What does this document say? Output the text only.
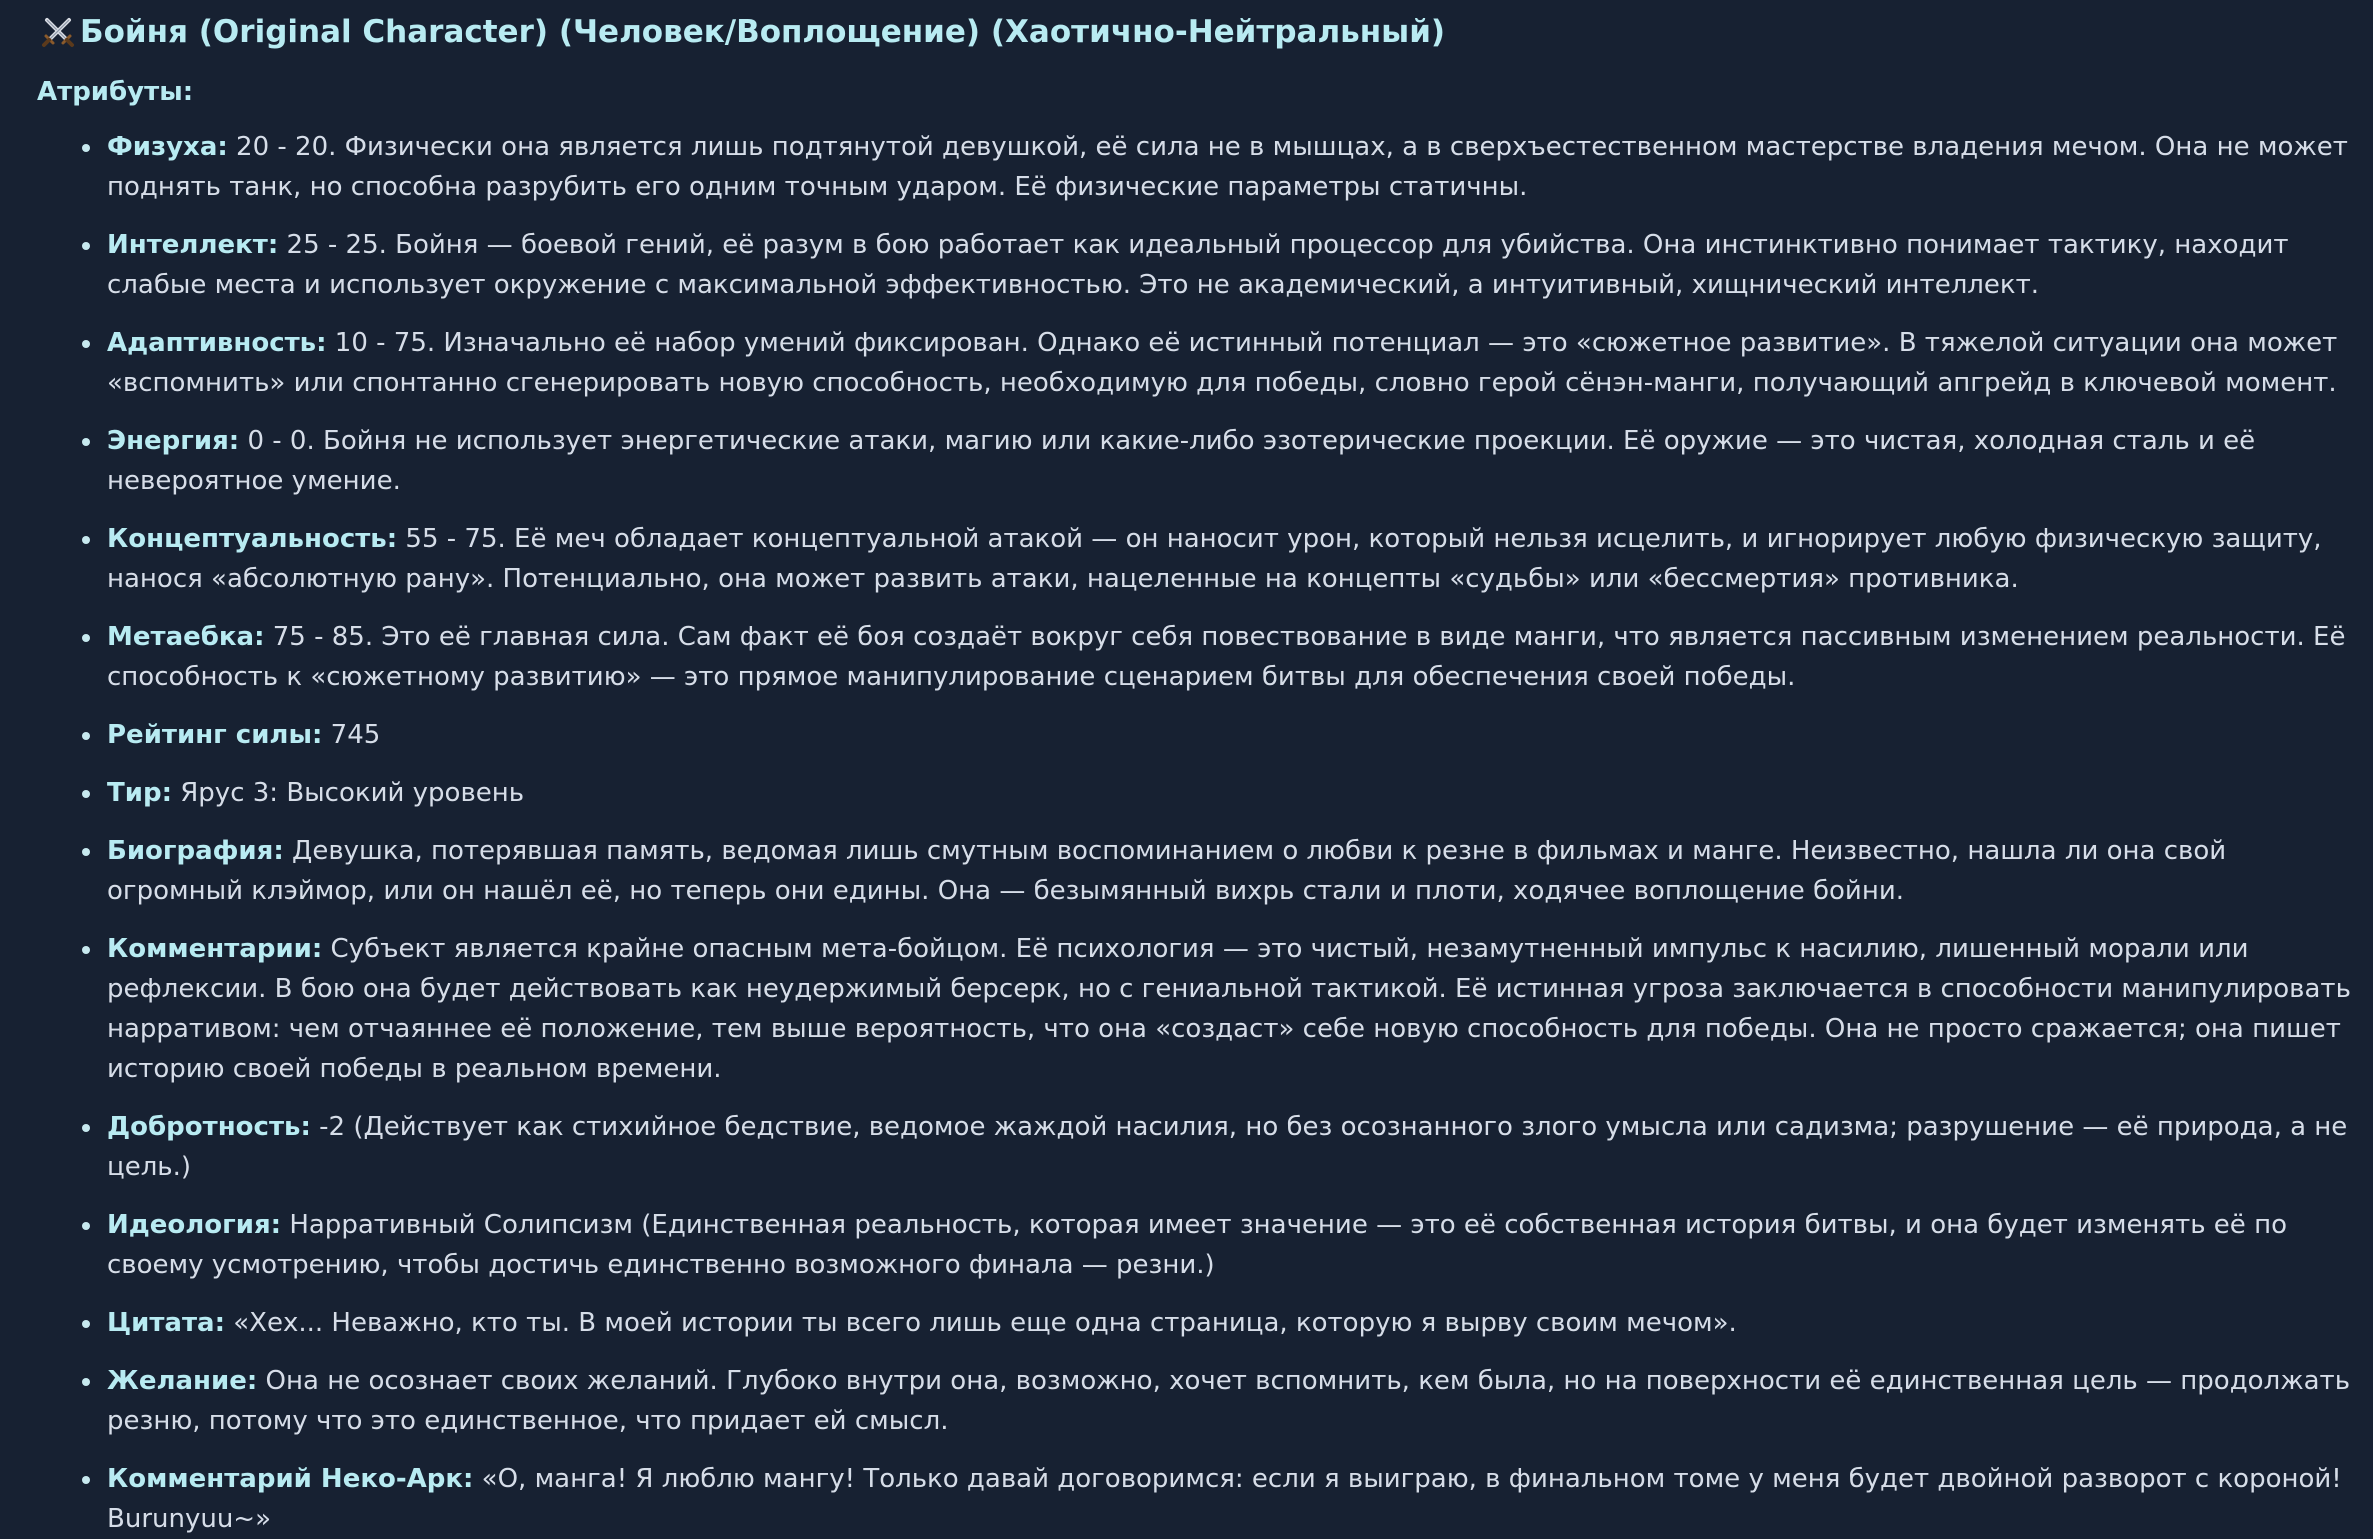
Бойня (Original Character) (Человек/Воплощение) (Хаотично-Нейтральный)
Атрибуты:
Физуха: 20 - 20. Физически она является лишь подтянутой девушкой, её сила не в мышцах, а в сверхъестественном мастерстве владения мечом. Она не может поднять танк, но способна разрубить его одним точным ударом. Её физические параметры статичны.
Интеллект: 25 - 25. Бойня — боевой гений, её разум в бою работает как идеальный процессор для убийства. Она инстинктивно понимает тактику, находит слабые места и использует окружение с максимальной эффективностью. Это не академический, а интуитивный, хищнический интеллект.
Адаптивность: 10 - 75. Изначально её набор умений фиксирован. Однако её истинный потенциал — это «сюжетное развитие». В тяжелой ситуации она может «вспомнить» или спонтанно сгенерировать новую способность, необходимую для победы, словно герой сёнэн-манги, получающий апгрейд в ключевой момент.
Энергия: 0 - 0. Бойня не использует энергетические атаки, магию или какие-либо эзотерические проекции. Её оружие — это чистая, холодная сталь и её невероятное умение.
Концептуальность: 55 - 75. Её меч обладает концептуальной атакой — он наносит урон, который нельзя исцелить, и игнорирует любую физическую защиту, нанося «абсолютную рану». Потенциально, она может развить атаки, нацеленные на концепты «судьбы» или «бессмертия» противника.
Метаебка: 75 - 85. Это её главная сила. Сам факт её боя создаёт вокруг себя повествование в виде манги, что является пассивным изменением реальности. Её способность к «сюжетному развитию» — это прямое манипулирование сценарием битвы для обеспечения своей победы.
Рейтинг силы: 745
Тир: Ярус 3: Высокий уровень
Биография: Девушка, потерявшая память, ведомая лишь смутным воспоминанием о любви к резне в фильмах и манге. Неизвестно, нашла ли она свой огромный клэймор, или он нашёл её, но теперь они едины. Она — безымянный вихрь стали и плоти, ходячее воплощение бойни.
Комментарии: Субъект является крайне опасным мета-бойцом. Её психология — это чистый, незамутненный импульс к насилию, лишенный морали или рефлексии. В бою она будет действовать как неудержимый берсерк, но с гениальной тактикой. Её истинная угроза заключается в способности манипулировать нарративом: чем отчаяннее её положение, тем выше вероятность, что она «создаст» себе новую способность для победы. Она не просто сражается; она пишет историю своей победы в реальном времени.
Добротность: -2 (Действует как стихийное бедствие, ведомое жаждой насилия, но без осознанного злого умысла или садизма; разрушение — её природа, а не цель.)
Идеология: Нарративный Солипсизм (Единственная реальность, которая имеет значение — это её собственная история битвы, и она будет изменять её по своему усмотрению, чтобы достичь единственно возможного финала — резни.)
Цитата: «Хех... Неважно, кто ты. В моей истории ты всего лишь еще одна страница, которую я вырву своим мечом».
Желание: Она не осознает своих желаний. Глубоко внутри она, возможно, хочет вспомнить, кем была, но на поверхности её единственная цель — продолжать резню, потому что это единственное, что придает ей смысл.
Комментарий Неко-Арк: «О, манга! Я люблю мангу! Только давай договоримся: если я выиграю, в финальном томе у меня будет двойной разворот с короной! Burunyuu~»
